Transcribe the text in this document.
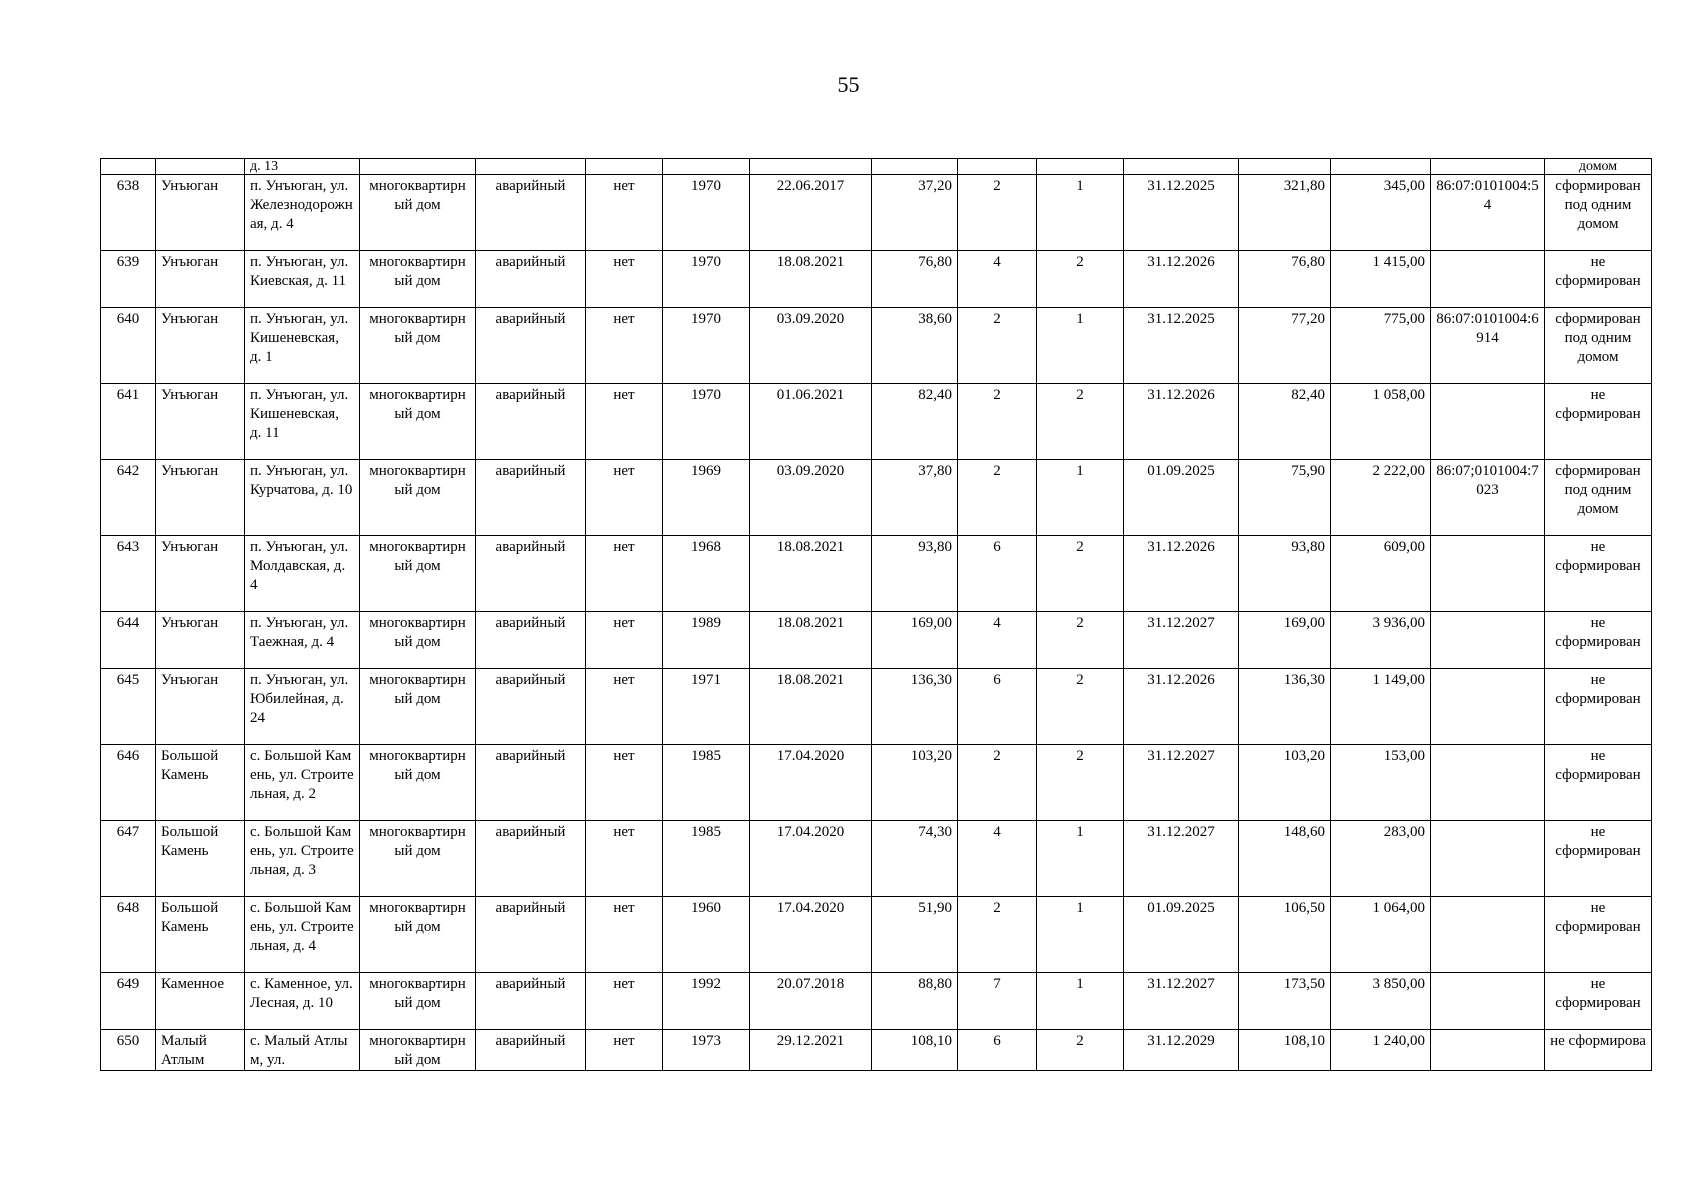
55
		д. 13													домом
638	Унъюган	п. Унъюган, ул. Железнодорожная, д. 4	многоквартирный дом	аварийный	нет	1970	22.06.2017	37,20	2	1	31.12.2025	321,80	345,00	86:07:0101004:54	сформирован под одним домом
639	Унъюган	п. Унъюган, ул. Киевская, д. 11	многоквартирный дом	аварийный	нет	1970	18.08.2021	76,80	4	2	31.12.2026	76,80	1 415,00		не сформирован
640	Унъюган	п. Унъюган, ул. Кишеневская, д. 1	многоквартирный дом	аварийный	нет	1970	03.09.2020	38,60	2	1	31.12.2025	77,20	775,00	86:07:0101004:6914	сформирован под одним домом
641	Унъюган	п. Унъюган, ул. Кишеневская, д. 11	многоквартирный дом	аварийный	нет	1970	01.06.2021	82,40	2	2	31.12.2026	82,40	1 058,00		не сформирован
642	Унъюган	п. Унъюган, ул. Курчатова, д. 10	многоквартирный дом	аварийный	нет	1969	03.09.2020	37,80	2	1	01.09.2025	75,90	2 222,00	86:07;0101004:7023	сформирован под одним домом
643	Унъюган	п. Унъюган, ул. Молдавская, д. 4	многоквартирный дом	аварийный	нет	1968	18.08.2021	93,80	6	2	31.12.2026	93,80	609,00		не сформирован
644	Унъюган	п. Унъюган, ул. Таежная, д. 4	многоквартирный дом	аварийный	нет	1989	18.08.2021	169,00	4	2	31.12.2027	169,00	3 936,00		не сформирован
645	Унъюган	п. Унъюган, ул. Юбилейная, д. 24	многоквартирный дом	аварийный	нет	1971	18.08.2021	136,30	6	2	31.12.2026	136,30	1 149,00		не сформирован
646	Большой Камень	с. Большой Камень, ул. Строительная, д. 2	многоквартирный дом	аварийный	нет	1985	17.04.2020	103,20	2	2	31.12.2027	103,20	153,00		не сформирован
647	Большой Камень	с. Большой Камень, ул. Строительная, д. 3	многоквартирный дом	аварийный	нет	1985	17.04.2020	74,30	4	1	31.12.2027	148,60	283,00		не сформирован
648	Большой Камень	с. Большой Камень, ул. Строительная, д. 4	многоквартирный дом	аварийный	нет	1960	17.04.2020	51,90	2	1	01.09.2025	106,50	1 064,00		не сформирован
649	Каменное	с. Каменное, ул. Лесная, д. 10	многоквартирный дом	аварийный	нет	1992	20.07.2018	88,80	7	1	31.12.2027	173,50	3 850,00		не сформирован
650	Малый Атлым	с. Малый Атлым, ул.	многоквартирный дом	аварийный	нет	1973	29.12.2021	108,10	6	2	31.12.2029	108,10	1 240,00		не сформирова
